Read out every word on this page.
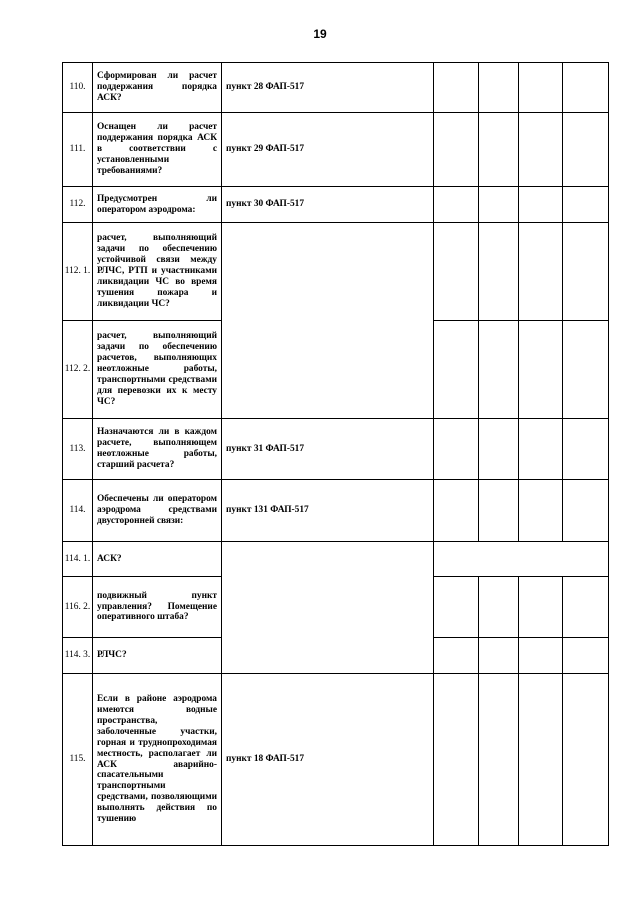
19
110.	Сформирован ли расчет поддержания порядка АСК?	пункт 28 ФАП-517				
111.	Оснащен ли расчет поддержания порядка АСК в соответствии с установленными требованиями?	пункт 29 ФАП-517				
112.	Предусмотрен ли оператором аэродрома:	пункт 30 ФАП-517				
112. 1.	расчет, выполняющий задачи по обеспечению устойчивой связи между РЛЧС, РТП и участниками ликвидации ЧС во время тушения пожара и ликвидации ЧС?					
112. 2.	расчет, выполняющий задачи по обеспечению расчетов, выполняющих неотложные работы, транспортными средствами для перевозки их к месту ЧС?					
113.	Назначаются ли в каждом расчете, выполняющем неотложные работы, старший расчета?	пункт 31 ФАП-517				
114.	Обеспечены ли оператором аэродрома средствами двусторонней связи:	пункт 131 ФАП-517				
114. 1.	АСК?					
116. 2.	подвижный пункт управления? Помещение оперативного штаба?					
114. 3.	РЛЧС?					
115.	Если в районе аэродрома имеются водные пространства, заболоченные участки, горная и труднопроходимая местность, располагает ли АСК аварийно-спасательными транспортными средствами, позволяющими выполнять действия по тушению	пункт 18 ФАП-517				
